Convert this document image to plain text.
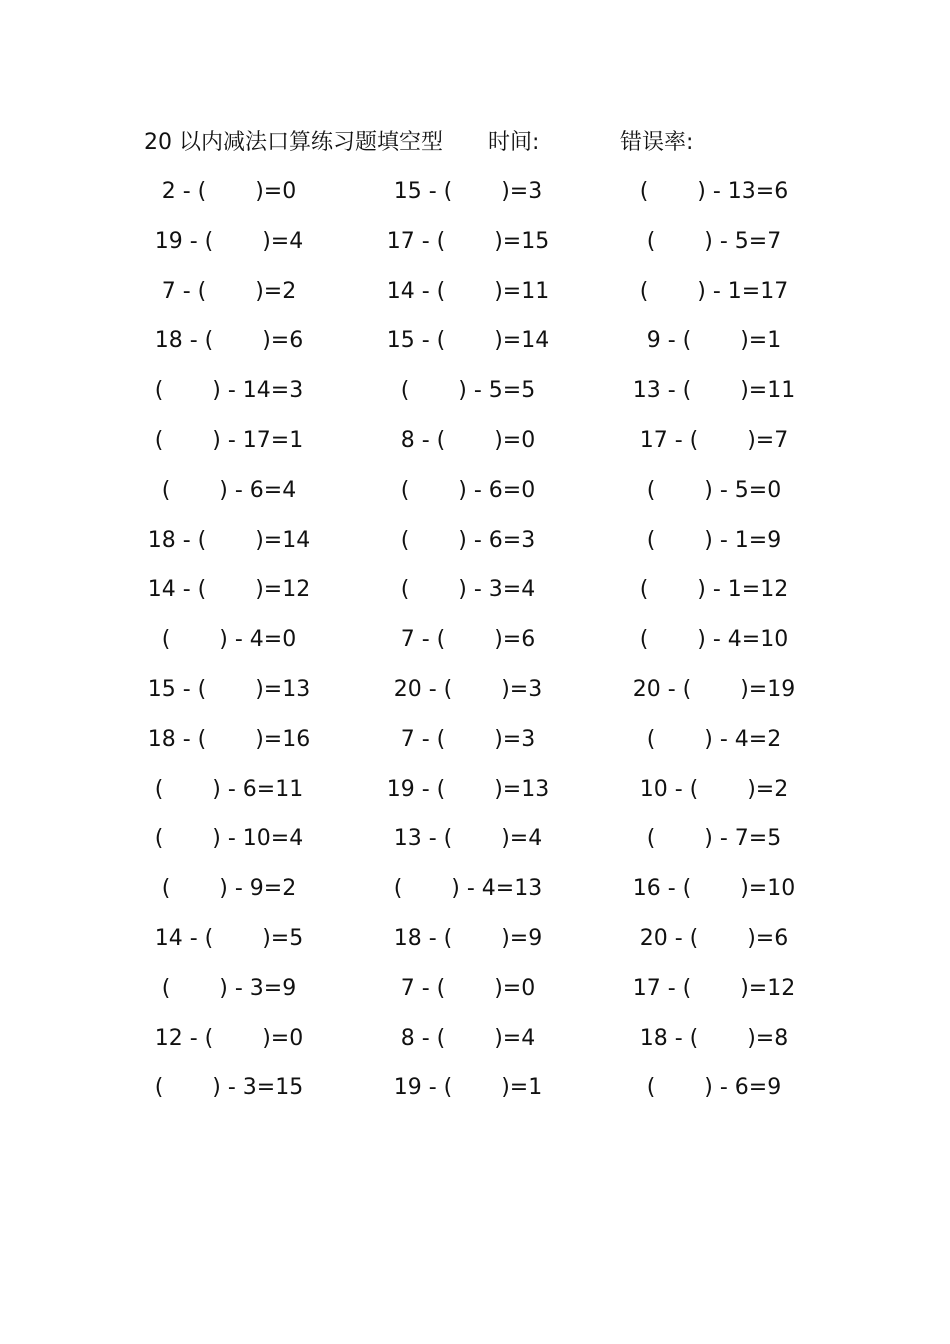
20 以内减法口算练习题填空型 时间:	错误率:
2 - (       )=0	15 - (       )=3	(       ) - 13=6
19 - (       )=4	17 - (       )=15	(       ) - 5=7
7 - (       )=2	14 - (       )=11	(       ) - 1=17
18 - (       )=6	15 - (       )=14	9 - (       )=1
(       ) - 14=3	(       ) - 5=5	13 - (       )=11
(       ) - 17=1	8 - (       )=0	17 - (       )=7
(       ) - 6=4	(       ) - 6=0	(       ) - 5=0
18 - (       )=14	(       ) - 6=3	(       ) - 1=9
14 - (       )=12	(       ) - 3=4	(       ) - 1=12
(       ) - 4=0	7 - (       )=6	(       ) - 4=10
15 - (       )=13	20 - (       )=3	20 - (       )=19
18 - (       )=16	7 - (       )=3	(       ) - 4=2
(       ) - 6=11	19 - (       )=13	10 - (       )=2
(       ) - 10=4	13 - (       )=4	(       ) - 7=5
(       ) - 9=2	(       ) - 4=13	16 - (       )=10
14 - (       )=5	18 - (       )=9	20 - (       )=6
(       ) - 3=9	7 - (       )=0	17 - (       )=12
12 - (       )=0	8 - (       )=4	18 - (       )=8
(       ) - 3=15	19 - (       )=1	(       ) - 6=9
